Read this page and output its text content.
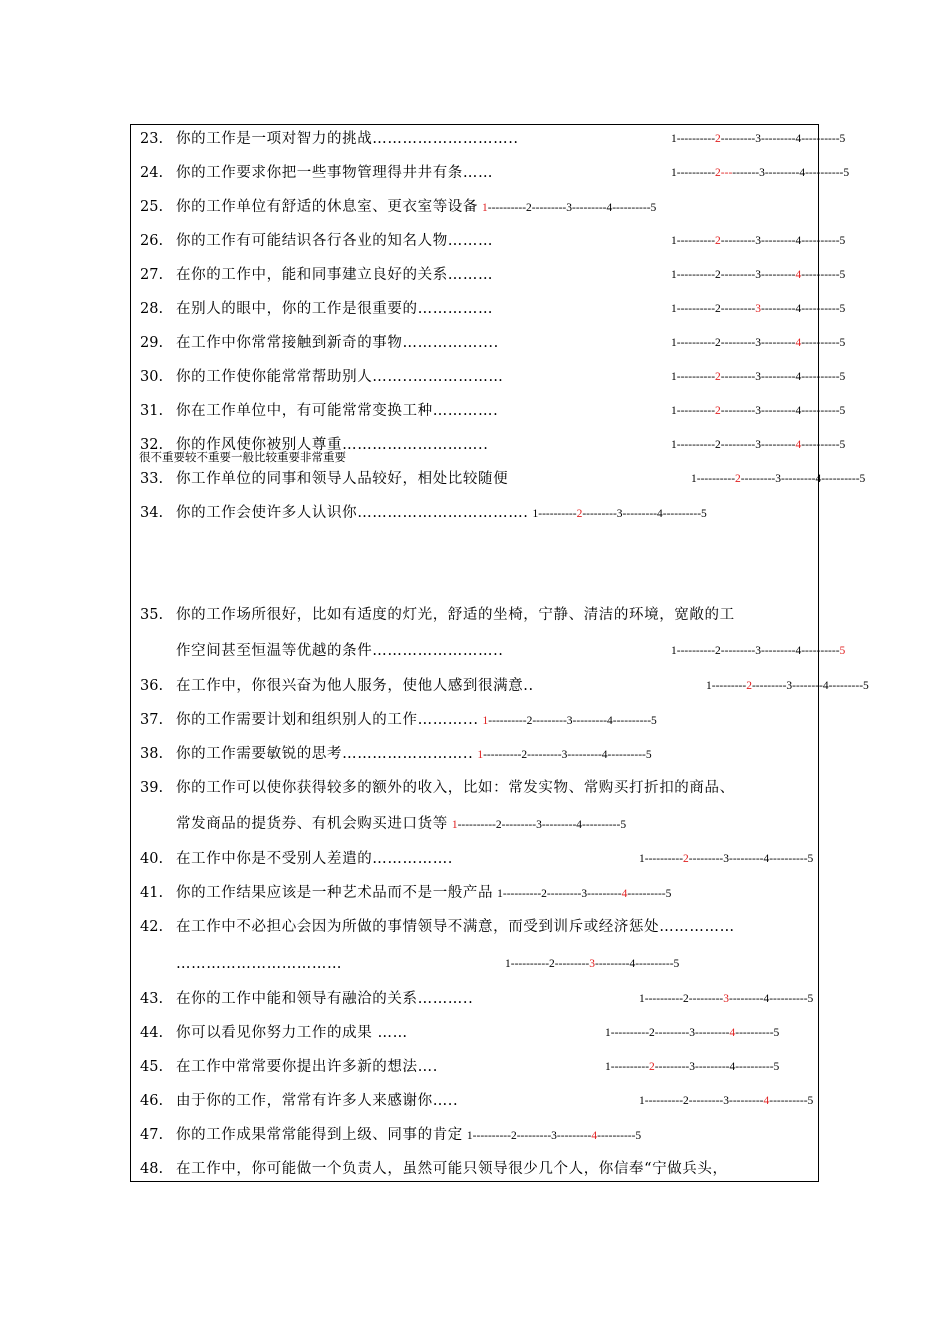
很不重要较不重要一般比较重要非常重要
23. 你的工作是一项对智力的挑战………………………..	1----------2---------3---------4----------5
24. 你的工作要求你把一些事物管理得井井有条……	1----------2----------3---------4----------5
25. 你的工作单位有舒适的休息室、更衣室等设备 1----------2---------3---------4----------5
26. 你的工作有可能结识各行各业的知名人物………	1----------2---------3---------4----------5
27. 在你的工作中，能和同事建立良好的关系………	1----------2---------3---------4----------5
28. 在别人的眼中，你的工作是很重要的……………	1----------2---------3---------4----------5
29. 在工作中你常常接触到新奇的事物……………....	1----------2---------3---------4----------5
30. 你的工作使你能常常帮助别人……..………………	1----------2---------3---------4----------5
31. 你在工作单位中，有可能常常变换工种………….	1----------2---------3---------4----------5
32. 你的作风使你被别人尊重………………………..	1----------2---------3---------4----------5
33. 你工作单位的同事和领导人品较好，相处比较随便	1----------2---------3---------4----------5
34. 你的工作会使许多人认识你……………………………. 1----------2---------3---------4----------5
35. 你的工作场所很好，比如有适度的灯光，舒适的坐椅，宁静、清洁的环境，宽敞的工
作空间甚至恒温等优越的条件……………………..	1----------2---------3---------4----------5
36. 在工作中，你很兴奋为他人服务，使他人感到很满意..	1---------2---------3--------4---------5
37. 你的工作需要计划和组织别人的工作………... 1----------2---------3---------4----------5
38. 你的工作需要敏锐的思考…………………….. 1----------2---------3---------4----------5
39. 你的工作可以使你获得较多的额外的收入，比如：常发实物、常购买打折扣的商品、
常发商品的提货券、有机会购买进口货等 1----------2---------3---------4----------5
40. 在工作中你是不受别人差遣的…………….	1----------2---------3---------4----------5
41. 你的工作结果应该是一种艺术品而不是一般产品 1----------2---------3---------4----------5
42. 在工作中不必担心会因为所做的事情领导不满意，而受到训斥或经济惩处……………
……………………………	1----------2---------3---------4----------5
43. 在你的工作中能和领导有融洽的关系………..	1----------2---------3---------4----------5
44. 你可以看见你努力工作的成果 ……	1----------2---------3---------4----------5
45. 在工作中常常要你提出许多新的想法….	1----------2---------3---------4----------5
46. 由于你的工作，常常有许多人来感谢你…..	1----------2---------3---------4----------5
47. 你的工作成果常常能得到上级、同事的肯定 1----------2---------3---------4----------5
48. 在工作中，你可能做一个负责人，虽然可能只领导很少几个人，你信奉“宁做兵头，
